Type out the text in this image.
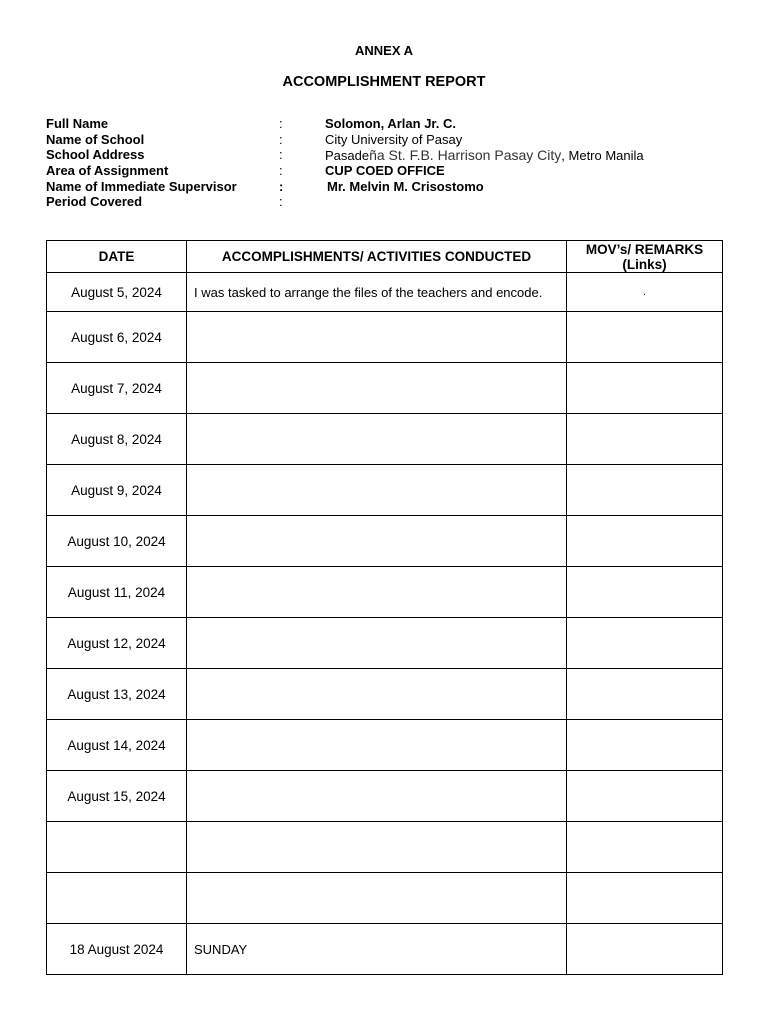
ANNEX A
ACCOMPLISHMENT REPORT
Full Name	:	Solomon, Arlan Jr. C.
Name of School	:	City University of Pasay
School Address	:	Pasadeña St. F.B. Harrison Pasay City, Metro Manila
Area of Assignment	:	CUP COED OFFICE
Name of Immediate Supervisor	:	Mr. Melvin M. Crisostomo
Period Covered	:
DATE	ACCOMPLISHMENTS/ ACTIVITIES CONDUCTED	MOV’s/ REMARKS (Links)
August 5, 2024	I was tasked to arrange the files of the teachers and encode.	.
August 6, 2024		
August 7, 2024		
August 8, 2024		
August 9, 2024		
August 10, 2024		
August 11, 2024		
August 12, 2024		
August 13, 2024		
August 14, 2024		
August 15, 2024		

18 August 2024	SUNDAY	
